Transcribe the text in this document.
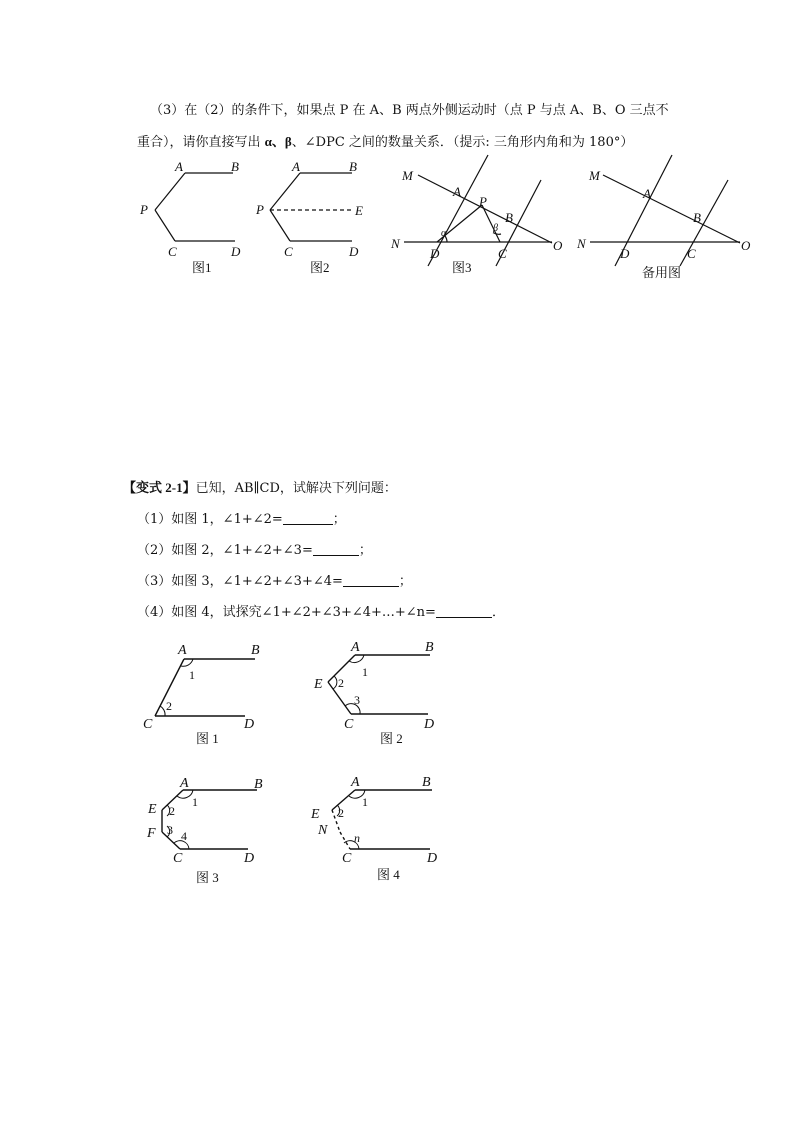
（3）在（2）的条件下，如果点 P 在 A、B 两点外侧运动时（点 P 与点 A、B、O 三点不
重合），请你直接写出 α、β、∠DPC 之间的数量关系．（提示: 三角形内角和为 180°）
A	B
P
C	D
A	B
P	E
C	D
M
A
P
B
N
D	C
O
α	β
M
A
B
N
D	C
O
图1	图2	图3	备用图
【变式 2-1】已知，AB∥CD，试解决下列问题：
（1）如图 1，∠1+∠2=	；
（2）如图 2，∠1+∠2+∠3=	；
（3）如图 3，∠1+∠2+∠3+∠4=	；
（4）如图 4，试探究∠1+∠2+∠3+∠4+…+∠n=	．
A	B
C	D
A	B
E
C	D
A	B
E
F
C	D
A	B
E
N
C	D
1
2
1
2
3
1
2
3 4
1
2
n
图 1	图 2
图 3	图 4
